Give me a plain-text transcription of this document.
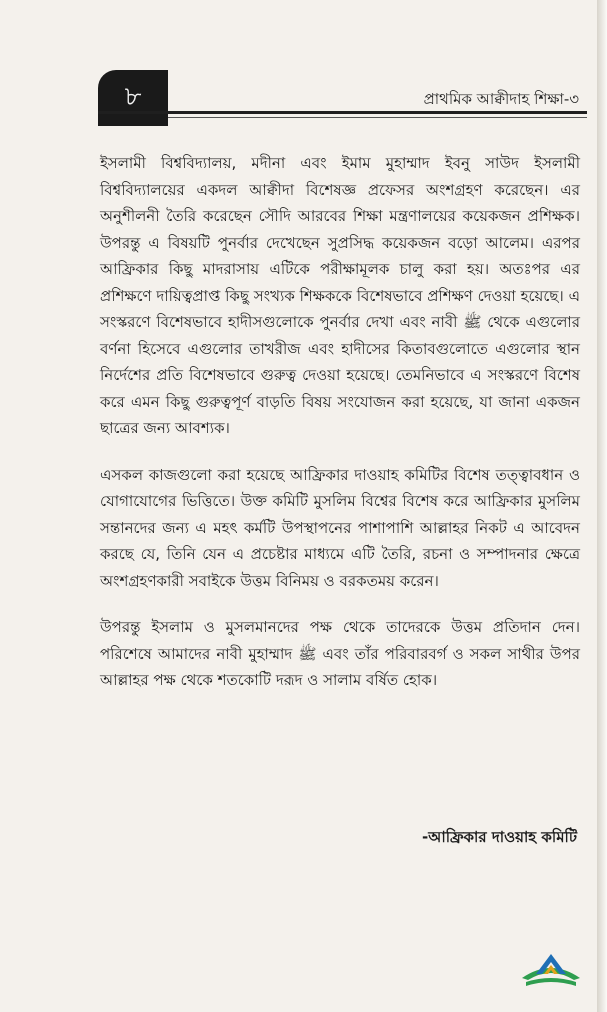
৮	প্রাথমিক আক্বীদাহ শিক্ষা-৩

ইসলামী বিশ্ববিদ্যালয়, মদীনা এবং ইমাম মুহাম্মাদ ইবনু সাউদ ইসলামী বিশ্ববিদ্যালয়ের একদল আক্বীদা বিশেষজ্ঞ প্রফেসর অংশগ্রহণ করেছেন। এর অনুশীলনী তৈরি করেছেন সৌদি আরবের শিক্ষা মন্ত্রণালয়ের কয়েকজন প্রশিক্ষক। উপরন্তু এ বিষয়টি পুনর্বার দেখেছেন সুপ্রসিদ্ধ কয়েকজন বড়ো আলেম। এরপর আফ্রিকার কিছু মাদরাসায় এটিকে পরীক্ষামূলক চালু করা হয়। অতঃপর এর প্রশিক্ষণে দায়িত্বপ্রাপ্ত কিছু সংখ্যক শিক্ষককে বিশেষভাবে প্রশিক্ষণ দেওয়া হয়েছে। এ সংস্করণে বিশেষভাবে হাদীসগুলোকে পুনর্বার দেখা এবং নাবী ﷺ থেকে এগুলোর বর্ণনা হিসেবে এগুলোর তাখরীজ এবং হাদীসের কিতাবগুলোতে এগুলোর স্থান নির্দেশের প্রতি বিশেষভাবে গুরুত্ব দেওয়া হয়েছে। তেমনিভাবে এ সংস্করণে বিশেষ করে এমন কিছু গুরুত্বপূর্ণ বাড়তি বিষয় সংযোজন করা হয়েছে, যা জানা একজন ছাত্রের জন্য আবশ্যক।

এসকল কাজগুলো করা হয়েছে আফ্রিকার দাওয়াহ কমিটির বিশেষ তত্ত্বাবধান ও যোগাযোগের ভিত্তিতে। উক্ত কমিটি মুসলিম বিশ্বের বিশেষ করে আফ্রিকার মুসলিম সন্তানদের জন্য এ মহৎ কর্মটি উপস্থাপনের পাশাপাশি আল্লাহর নিকট এ আবেদন করছে যে, তিনি যেন এ প্রচেষ্টার মাধ্যমে এটি তৈরি, রচনা ও সম্পাদনার ক্ষেত্রে অংশগ্রহণকারী সবাইকে উত্তম বিনিময় ও বরকতময় করেন।

উপরন্তু ইসলাম ও মুসলমানদের পক্ষ থেকে তাদেরকে উত্তম প্রতিদান দেন। পরিশেষে আমাদের নাবী মুহাম্মাদ ﷺ এবং তাঁর পরিবারবর্গ ও সকল সাথীর উপর আল্লাহর পক্ষ থেকে শতকোটি দরূদ ও সালাম বর্ষিত হোক।

-আফ্রিকার দাওয়াহ কমিটি
